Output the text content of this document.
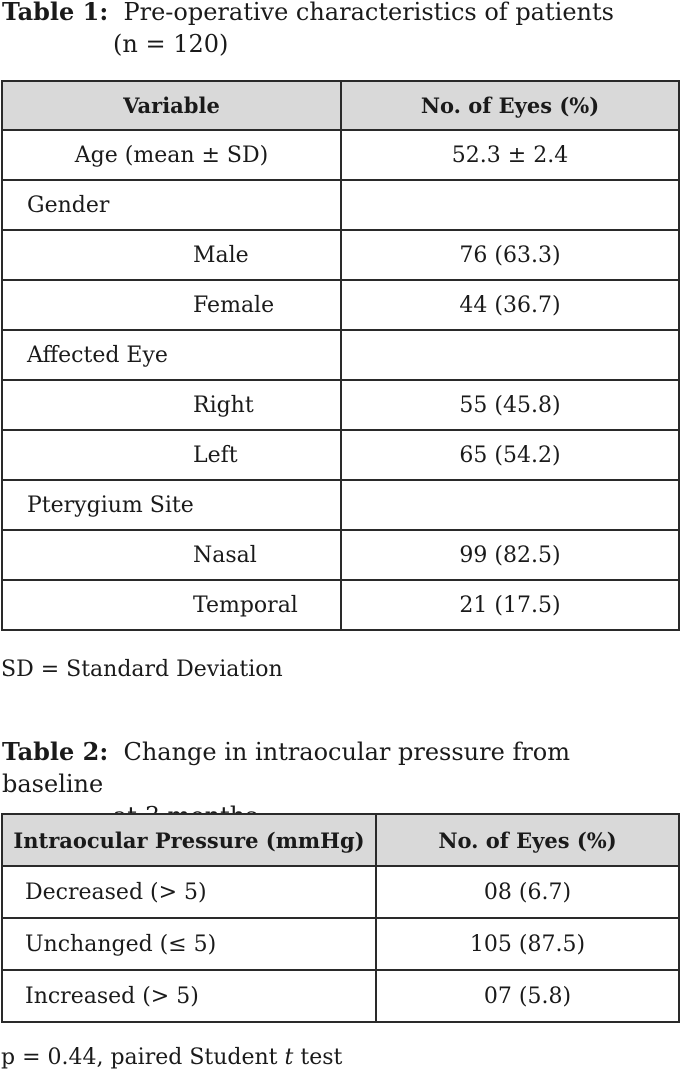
Table 1: Pre-operative characteristics of patients
(n = 120)
Variable	No. of Eyes (%)
Age (mean ± SD)	52.3 ± 2.4
Gender	
Male	76 (63.3)
Female	44 (36.7)
Affected Eye	
Right	55 (45.8)
Left	65 (54.2)
Pterygium Site	
Nasal	99 (82.5)
Temporal	21 (17.5)
SD = Standard Deviation
Table 2: Change in intraocular pressure from baseline
Intraocular Pressure (mmHg)	No. of Eyes (%)
Decreased (> 5)	08 (6.7)
Unchanged (≤ 5)	105 (87.5)
Increased (> 5)	07 (5.8)
p = 0.44, paired Student t test
